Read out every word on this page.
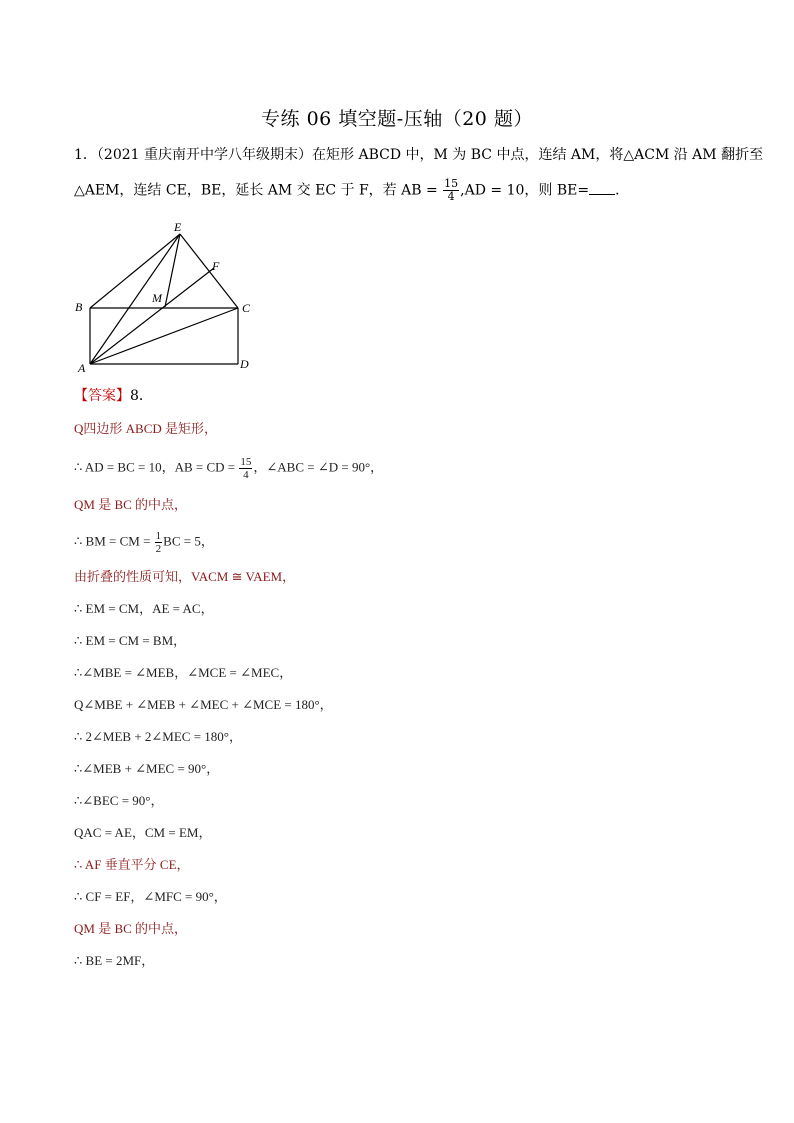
专练 06 填空题-压轴（20 题）
1．（2021 重庆南开中学八年级期末）在矩形 ABCD 中，M 为 BC 中点，连结 AM，将△ACM 沿 AM 翻折至
△AEM，连结 CE，BE，延长 AM 交 EC 于 F，若 AB = $\frac{15}{4} ,AD = 10$，则 BE= ．
E
F
M
B	C
A	D
【答案】8．
Q四边形 ABCD 是矩形，
∴ AD = BC = 10，AB = CD = $\frac{15}{4}$ ，∠ABC = ∠D = 90°，
QM 是 BC 的中点，
∴ BM = CM = $\frac{1}{2}$ BC = 5，
由折叠的性质可知，VACM ≅ VAEM，
∴ EM = CM，AE = AC，
∴ EM = CM = BM，
∴∠MBE = ∠MEB，∠MCE = ∠MEC，
Q∠MBE + ∠MEB + ∠MEC + ∠MCE = 180°，
∴ 2∠MEB + 2∠MEC = 180°，
∴∠MEB + ∠MEC = 90°，
∴∠BEC = 90°，
QAC = AE，CM = EM，
∴ AF 垂直平分 CE，
∴ CF = EF，∠MFC = 90°，
QM 是 BC 的中点，
∴ BE = 2MF，
